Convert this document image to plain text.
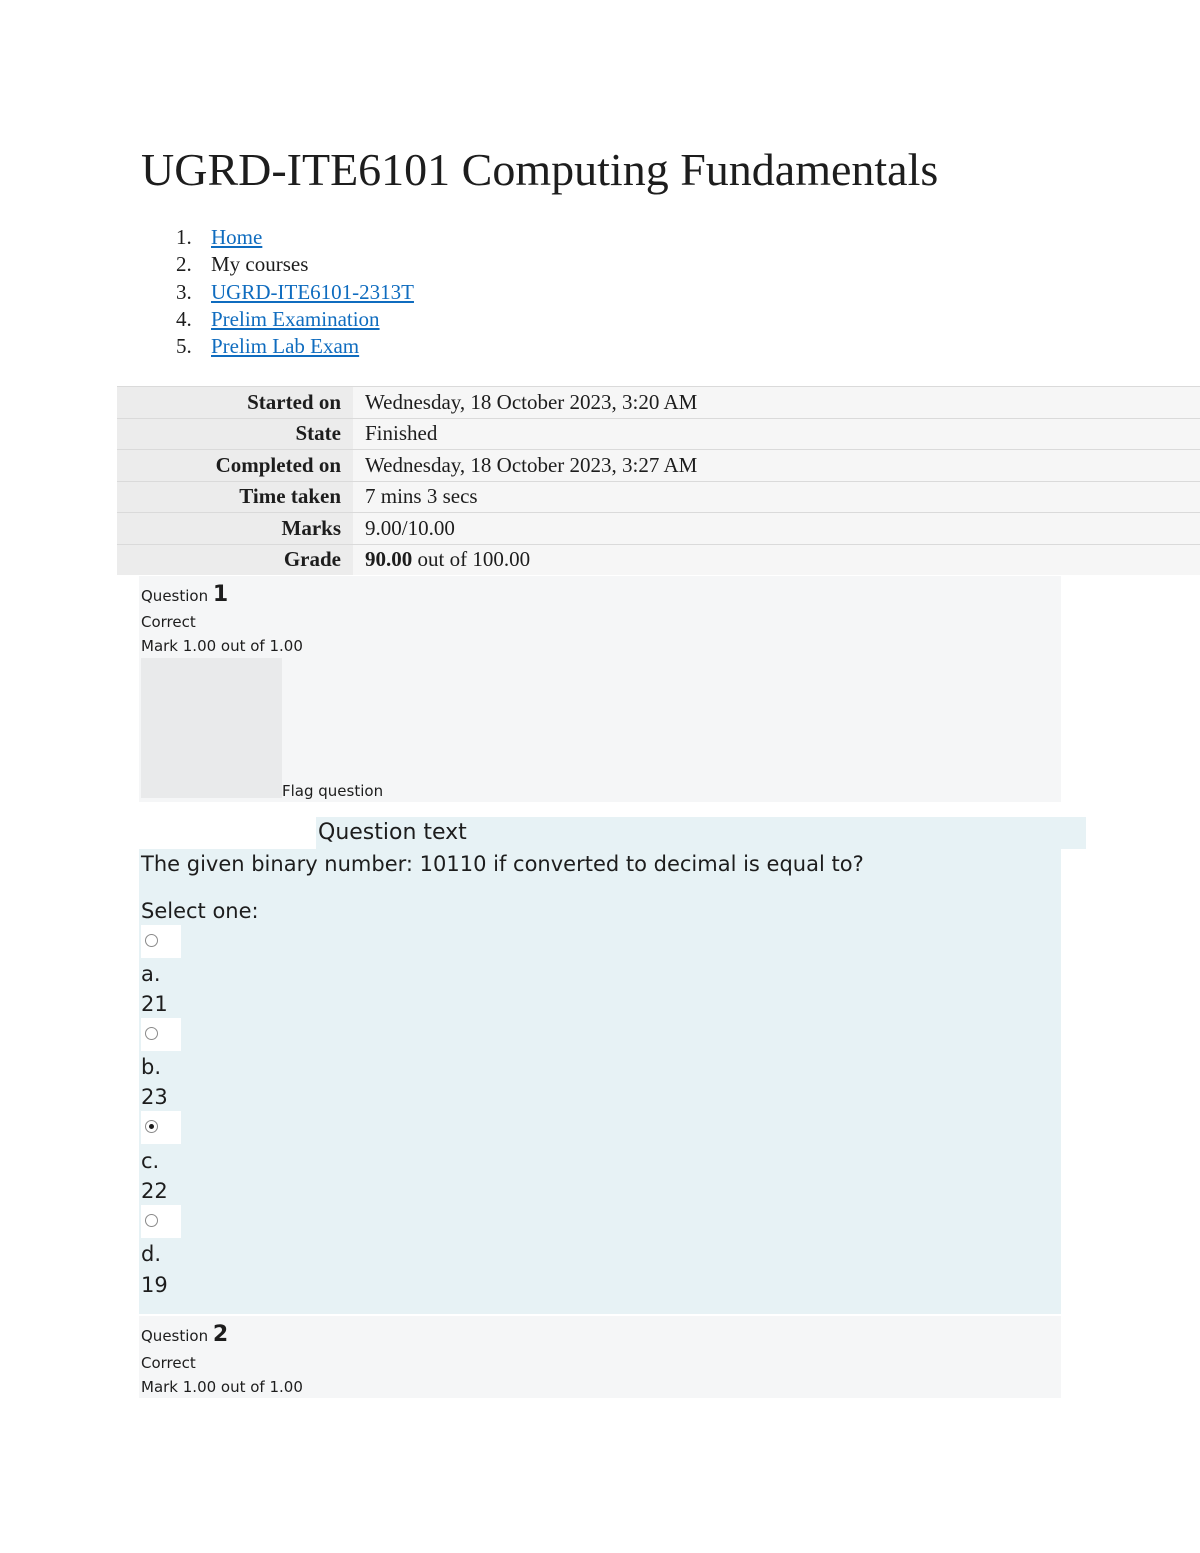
UGRD-ITE6101 Computing Fundamentals
1. Home
2. My courses
3. UGRD-ITE6101-2313T
4. Prelim Examination
5. Prelim Lab Exam
Started on	Wednesday, 18 October 2023, 3:20 AM
State	Finished
Completed on	Wednesday, 18 October 2023, 3:27 AM
Time taken	7 mins 3 secs
Marks	9.00/10.00
Grade	90.00 out of 100.00
Question 1
Correct
Mark 1.00 out of 1.00
Flag question
Question text
The given binary number: 10110 if converted to decimal is equal to?
Select one:
a.
21
b.
23
c.
22
d.
19
Question 2
Correct
Mark 1.00 out of 1.00
